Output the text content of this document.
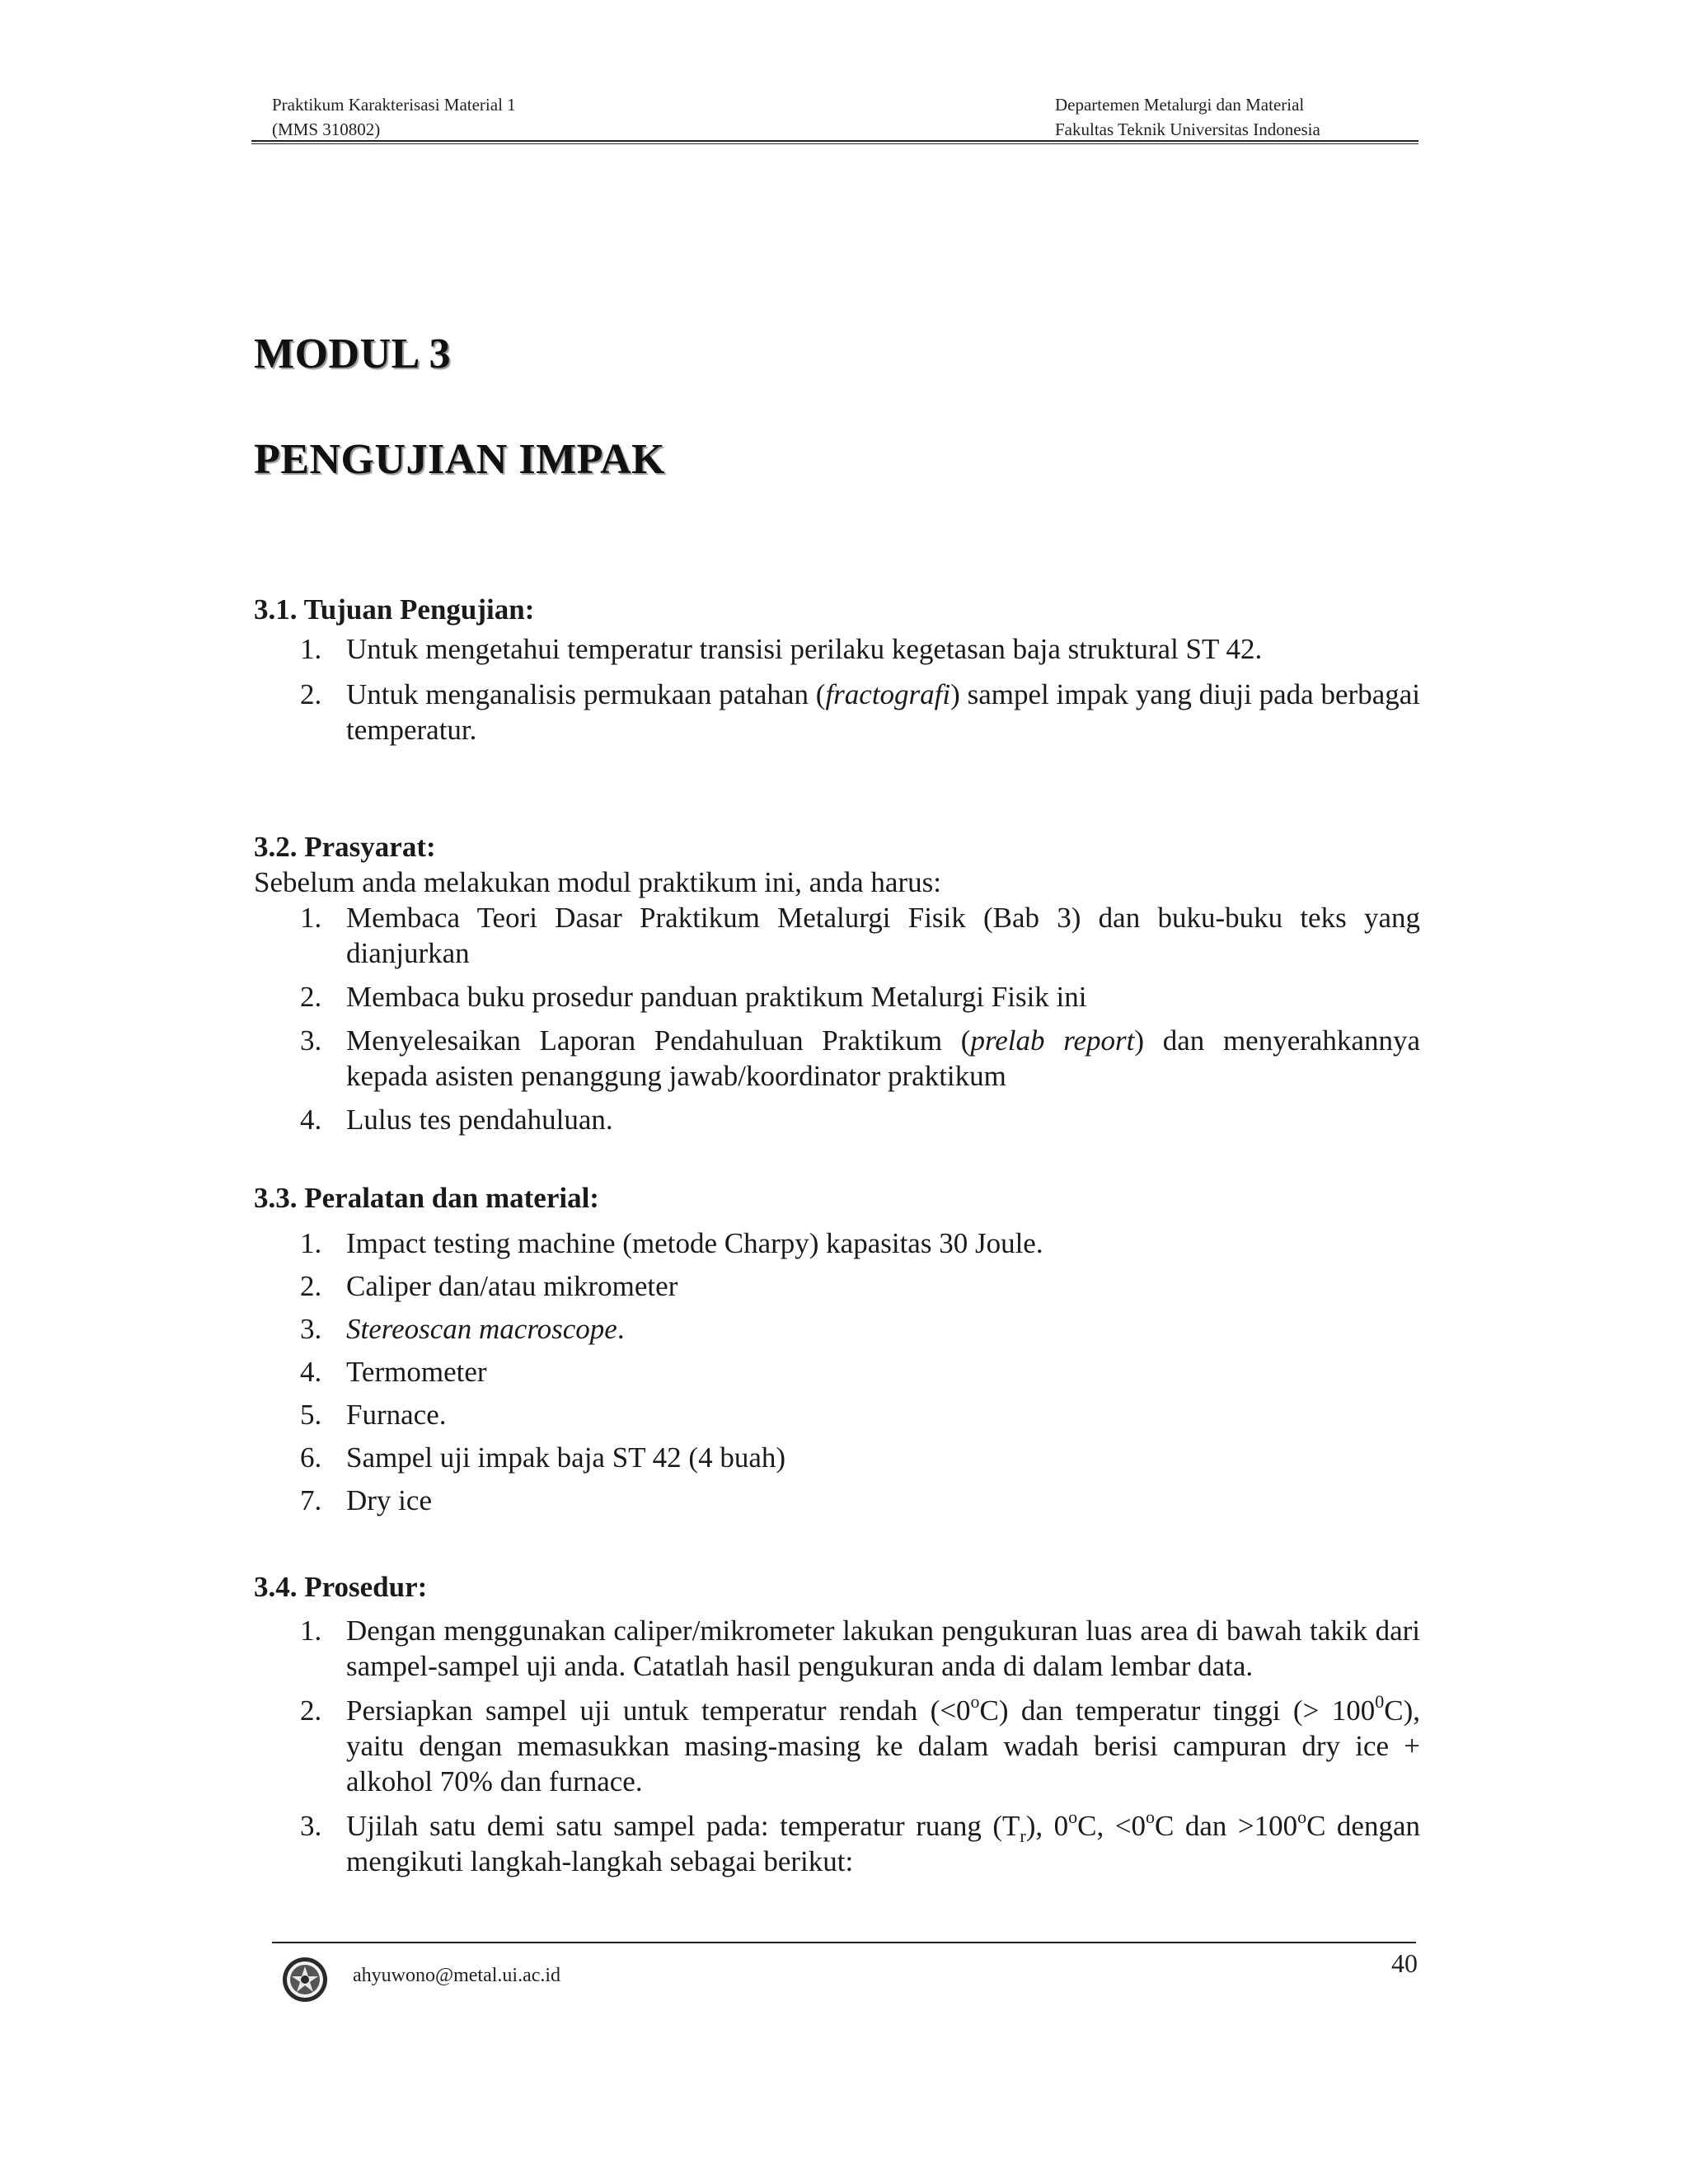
Praktikum Karakterisasi Material 1
(MMS 310802)
Departemen Metalurgi dan Material
Fakultas Teknik Universitas Indonesia
MODUL 3
PENGUJIAN IMPAK
3.1. Tujuan Pengujian:
1. Untuk mengetahui temperatur transisi perilaku kegetasan baja struktural ST 42.
2. Untuk menganalisis permukaan patahan (fractografi) sampel impak yang diuji pada berbagai temperatur.
3.2. Prasyarat:

Sebelum anda melakukan modul praktikum ini, anda harus:

1. Membaca Teori Dasar Praktikum Metalurgi Fisik (Bab 3) dan buku-buku teks yang dianjurkan
2. Membaca buku prosedur panduan praktikum Metalurgi Fisik ini
3. Menyelesaikan Laporan Pendahuluan Praktikum (prelab report) dan menyerahkannya kepada asisten penanggung jawab/koordinator praktikum
4. Lulus tes pendahuluan.
3.3. Peralatan dan material:
1. Impact testing machine (metode Charpy) kapasitas 30 Joule.
2. Caliper dan/atau mikrometer
3. Stereoscan macroscope.
4. Termometer
5. Furnace.
6. Sampel uji impak baja ST 42 (4 buah)
7. Dry ice
3.4. Prosedur:
1. Dengan menggunakan caliper/mikrometer lakukan pengukuran luas area di bawah takik dari sampel-sampel uji anda. Catatlah hasil pengukuran anda di dalam lembar data.
2. Persiapkan sampel uji untuk temperatur rendah $(<0^oC)$ dan temperatur tinggi (> $100^0C$), yaitu dengan memasukkan masing-masing ke dalam wadah berisi campuran dry ice + alkohol 70% dan furnace.
3. Ujilah satu demi satu sampel pada: temperatur ruang $(T_r)$, $0^oC$, $<0^oC$ dan $>100^oC$ dengan mengikuti langkah-langkah sebagai berikut:
ahyuwono@metal.ui.ac.id	40
